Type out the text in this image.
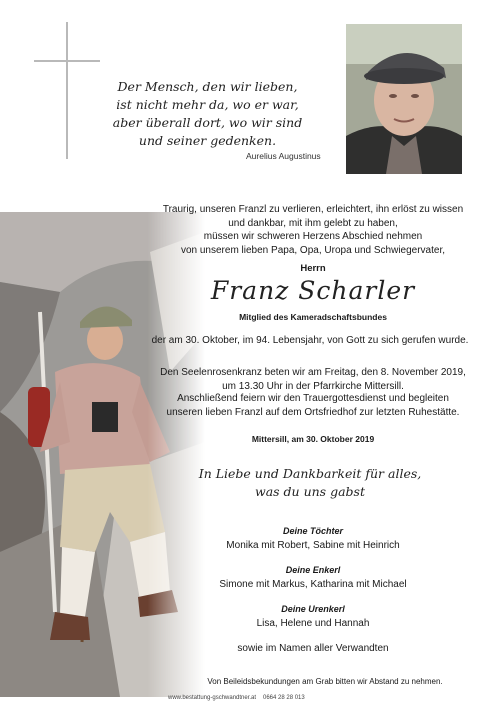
Der Mensch, den wir lieben,
ist nicht mehr da, wo er war,
aber überall dort, wo wir sind
und seiner gedenken.
Aurelius Augustinus
Traurig, unseren Franzl zu verlieren, erleichtert, ihn erlöst zu wissen
und dankbar, mit ihm gelebt zu haben,
müssen wir schweren Herzens Abschied nehmen
von unserem lieben Papa, Opa, Uropa und Schwiegervater,
Herrn
Franz Scharler
Mitglied des Kameradschaftsbundes
der am 30. Oktober, im 94. Lebensjahr, von Gott zu sich gerufen wurde.
Den Seelenrosenkranz beten wir am Freitag, den 8. November 2019,
um 13.30 Uhr in der Pfarrkirche Mittersill.
Anschließend feiern wir den Trauergottesdienst und begleiten
unseren lieben Franzl auf dem Ortsfriedhof zur letzten Ruhestätte.
Mittersill, am 30. Oktober 2019
In Liebe und Dankbarkeit für alles,
was du uns gabst
Deine Töchter
Monika mit Robert, Sabine mit Heinrich
Deine Enkerl
Simone mit Markus, Katharina mit Michael
Deine Urenkerl
Lisa, Helene und Hannah
sowie im Namen aller Verwandten
Von Beileidsbekundungen am Grab bitten wir Abstand zu nehmen.
www.bestattung-gschwandtner.at 0664 28 28 013
